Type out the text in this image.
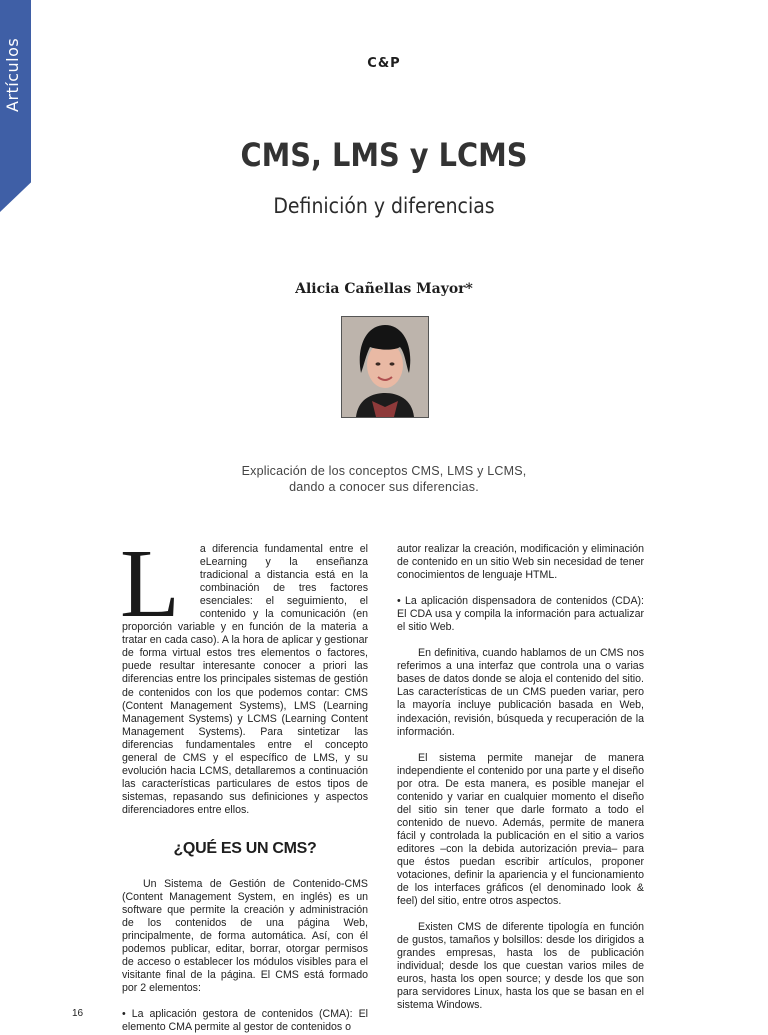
C&P
CMS, LMS y LCMS
Definición y diferencias
Alicia Cañellas Mayor*
Explicación de los conceptos CMS, LMS y LCMS,
dando a conocer sus diferencias.
L	a diferencia fundamental entre el eLearning y la enseñanza tradicional a distancia está en la combinación de tres factores esenciales: el seguimiento, el contenido y la comunicación (en proporción variable y en función de la materia a tratar en cada caso). A la hora de aplicar y gestionar de forma virtual estos tres elementos o factores, puede resultar interesante conocer a priori las diferencias entre los principales sistemas de gestión de contenidos con los que podemos contar: CMS (Content Management Systems), LMS (Learning Management Systems) y LCMS (Learning Content Management Systems). Para sintetizar las diferencias fundamentales entre el concepto general de CMS y el específico de LMS, y su evolución hacia LCMS, detallaremos a continuación las características particulares de estos tipos de sistemas, repasando sus definiciones y aspectos diferenciadores entre ellos.

¿QUÉ ES UN CMS?

Un Sistema de Gestión de Contenido-CMS (Content Management System, en inglés) es un software que permite la creación y administración de los contenidos de una página Web, principalmente, de forma automática. Así, con él podemos publicar, editar, borrar, otorgar permisos de acceso o establecer los módulos visibles para el visitante final de la página. El CMS está formado por 2 elementos:

• La aplicación gestora de contenidos (CMA): El elemento CMA permite al gestor de contenidos o

autor realizar la creación, modificación y eliminación de contenido en un sitio Web sin necesidad de tener conocimientos de lenguaje HTML.

• La aplicación dispensadora de contenidos (CDA): El CDA usa y compila la información para actualizar el sitio Web.

En definitiva, cuando hablamos de un CMS nos referimos a una interfaz que controla una o varias bases de datos donde se aloja el contenido del sitio. Las características de un CMS pueden variar, pero la mayoría incluye publicación basada en Web, indexación, revisión, búsqueda y recuperación de la información.

El sistema permite manejar de manera independiente el contenido por una parte y el diseño por otra. De esta manera, es posible manejar el contenido y variar en cualquier momento el diseño del sitio sin tener que darle formato a todo el contenido de nuevo. Además, permite de manera fácil y controlada la publicación en el sitio a varios editores –con la debida autorización previa– para que éstos puedan escribir artículos, proponer votaciones, definir la apariencia y el funcionamiento de los interfaces gráficos (el denominado look & feel) del sitio, entre otros aspectos.

Existen CMS de diferente tipología en función de gustos, tamaños y bolsillos: desde los dirigidos a grandes empresas, hasta los de publicación individual; desde los que cuestan varios miles de euros, hasta los open source; y desde los que son para servidores Linux, hasta los que se basan en el sistema Windows.

16
